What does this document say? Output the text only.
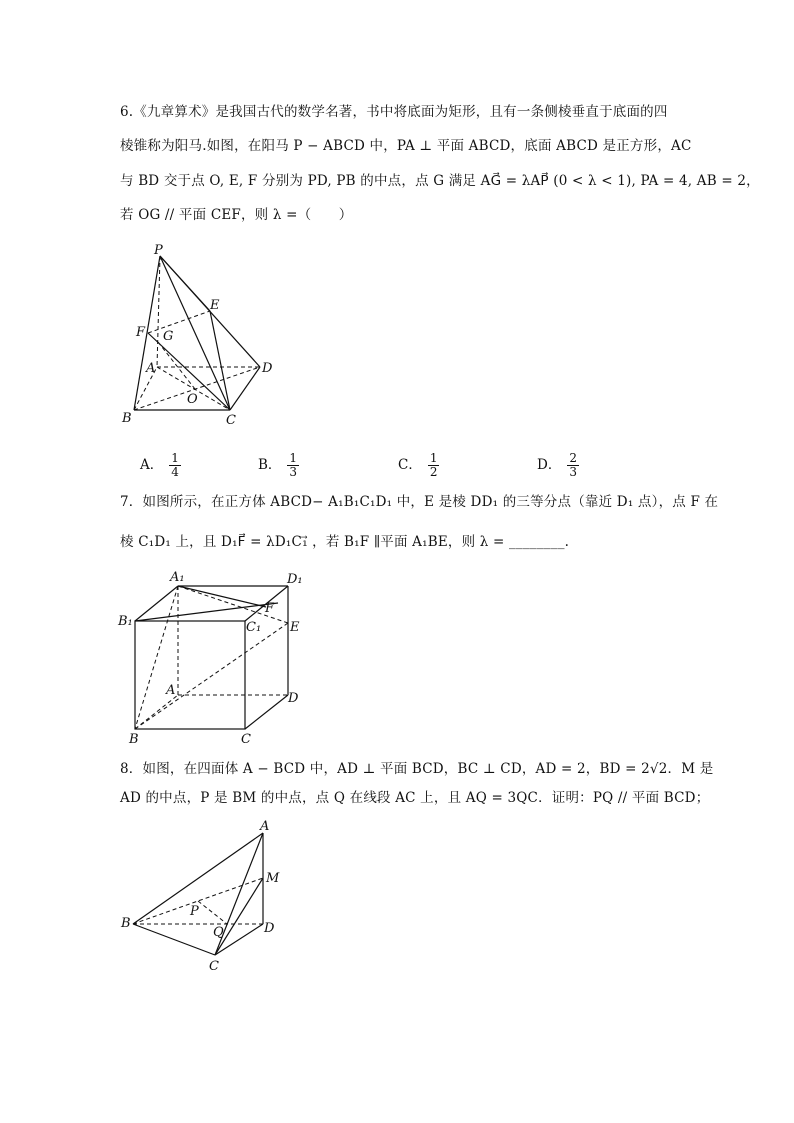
6.《九章算术》是我国古代的数学名著，书中将底面为矩形，且有一条侧棱垂直于底面的四
棱锥称为阳马.如图，在阳马 P − ABCD 中，PA ⊥ 平面 ABCD，底面 ABCD 是正方形，AC
与 BD 交于点 O, E, F 分别为 PD, PB 的中点，点 G 满足 AG⃗ = λAP⃗ (0 < λ < 1), PA = 4, AB = 2，
若 OG // 平面 CEF，则 λ =（　　）
P
E
F G
A	D
O
B	C
A． $\frac{1}{4}$	B． $\frac{1}{3}$	C． $\frac{1}{2}$	D． $\frac{2}{3}$
7．如图所示，在正方体 ABCD− A₁B₁C₁D₁ 中，E 是棱 DD₁ 的三等分点（靠近 D₁ 点），点 F 在
棱 C₁D₁ 上，且 D₁F⃗ = λD₁C₁⃗ ，若 B₁F ∥平面 A₁BE，则 λ = ________.
A₁	D₁
B₁	C₁
F
E
A
D
B	C
8．如图，在四面体 A − BCD 中，AD ⊥ 平面 BCD，BC ⊥ CD，AD = 2，BD = 2√2．M 是
AD 的中点，P 是 BM 的中点，点 Q 在线段 AC 上，且 AQ = 3QC．证明：PQ // 平面 BCD；
A
M
B
P
Q	D
C
